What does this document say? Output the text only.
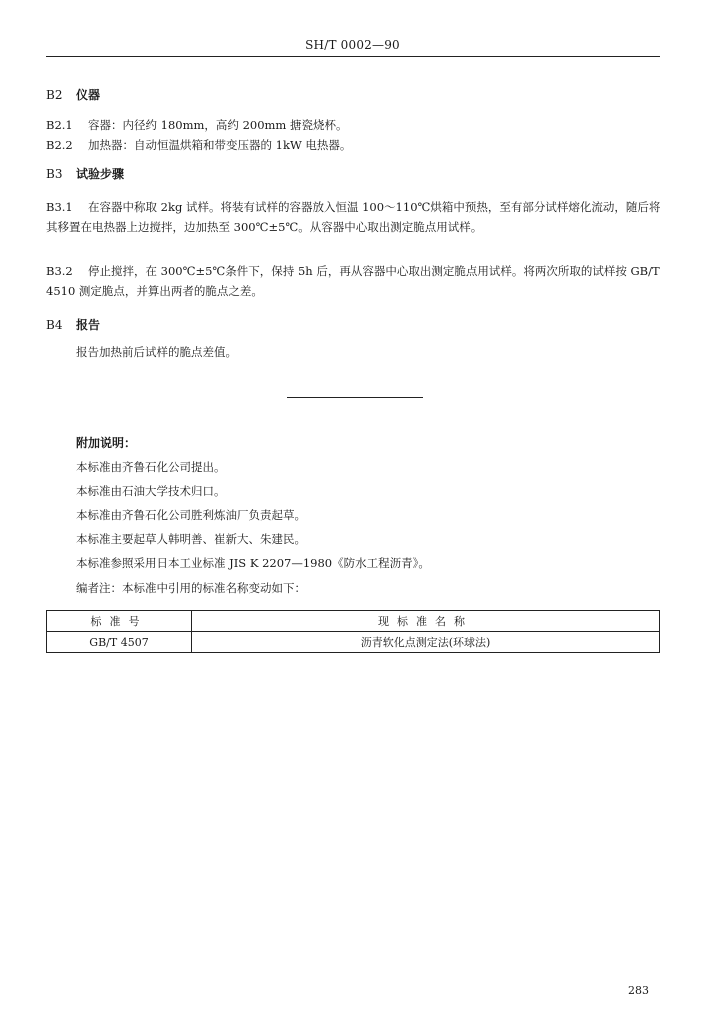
SH/T 0002—90
B2 仪器
B2.1 容器：内径约 180mm，高约 200mm 搪瓷烧杯。
B2.2 加热器：自动恒温烘箱和带变压器的 1kW 电热器。
B3 试验步骤
B3.1 在容器中称取 2kg 试样。将装有试样的容器放入恒温 100～110℃烘箱中预热，至有部分试样熔化流动，随后将其移置在电热器上边搅拌，边加热至 300℃±5℃。从容器中心取出测定脆点用试样。
B3.2 停止搅拌，在 300℃±5℃条件下，保持 5h 后，再从容器中心取出测定脆点用试样。将两次所取的试样按 GB/T 4510 测定脆点，并算出两者的脆点之差。
B4 报告
报告加热前后试样的脆点差值。
附加说明：
本标准由齐鲁石化公司提出。
本标准由石油大学技术归口。
本标准由齐鲁石化公司胜利炼油厂负责起草。
本标准主要起草人韩明善、崔新大、朱建民。
本标准参照采用日本工业标准 JIS K 2207—1980《防水工程沥青》。
编者注：本标准中引用的标准名称变动如下：
标准号	现标准名称
GB/T 4507	沥青软化点测定法(环球法)
283
